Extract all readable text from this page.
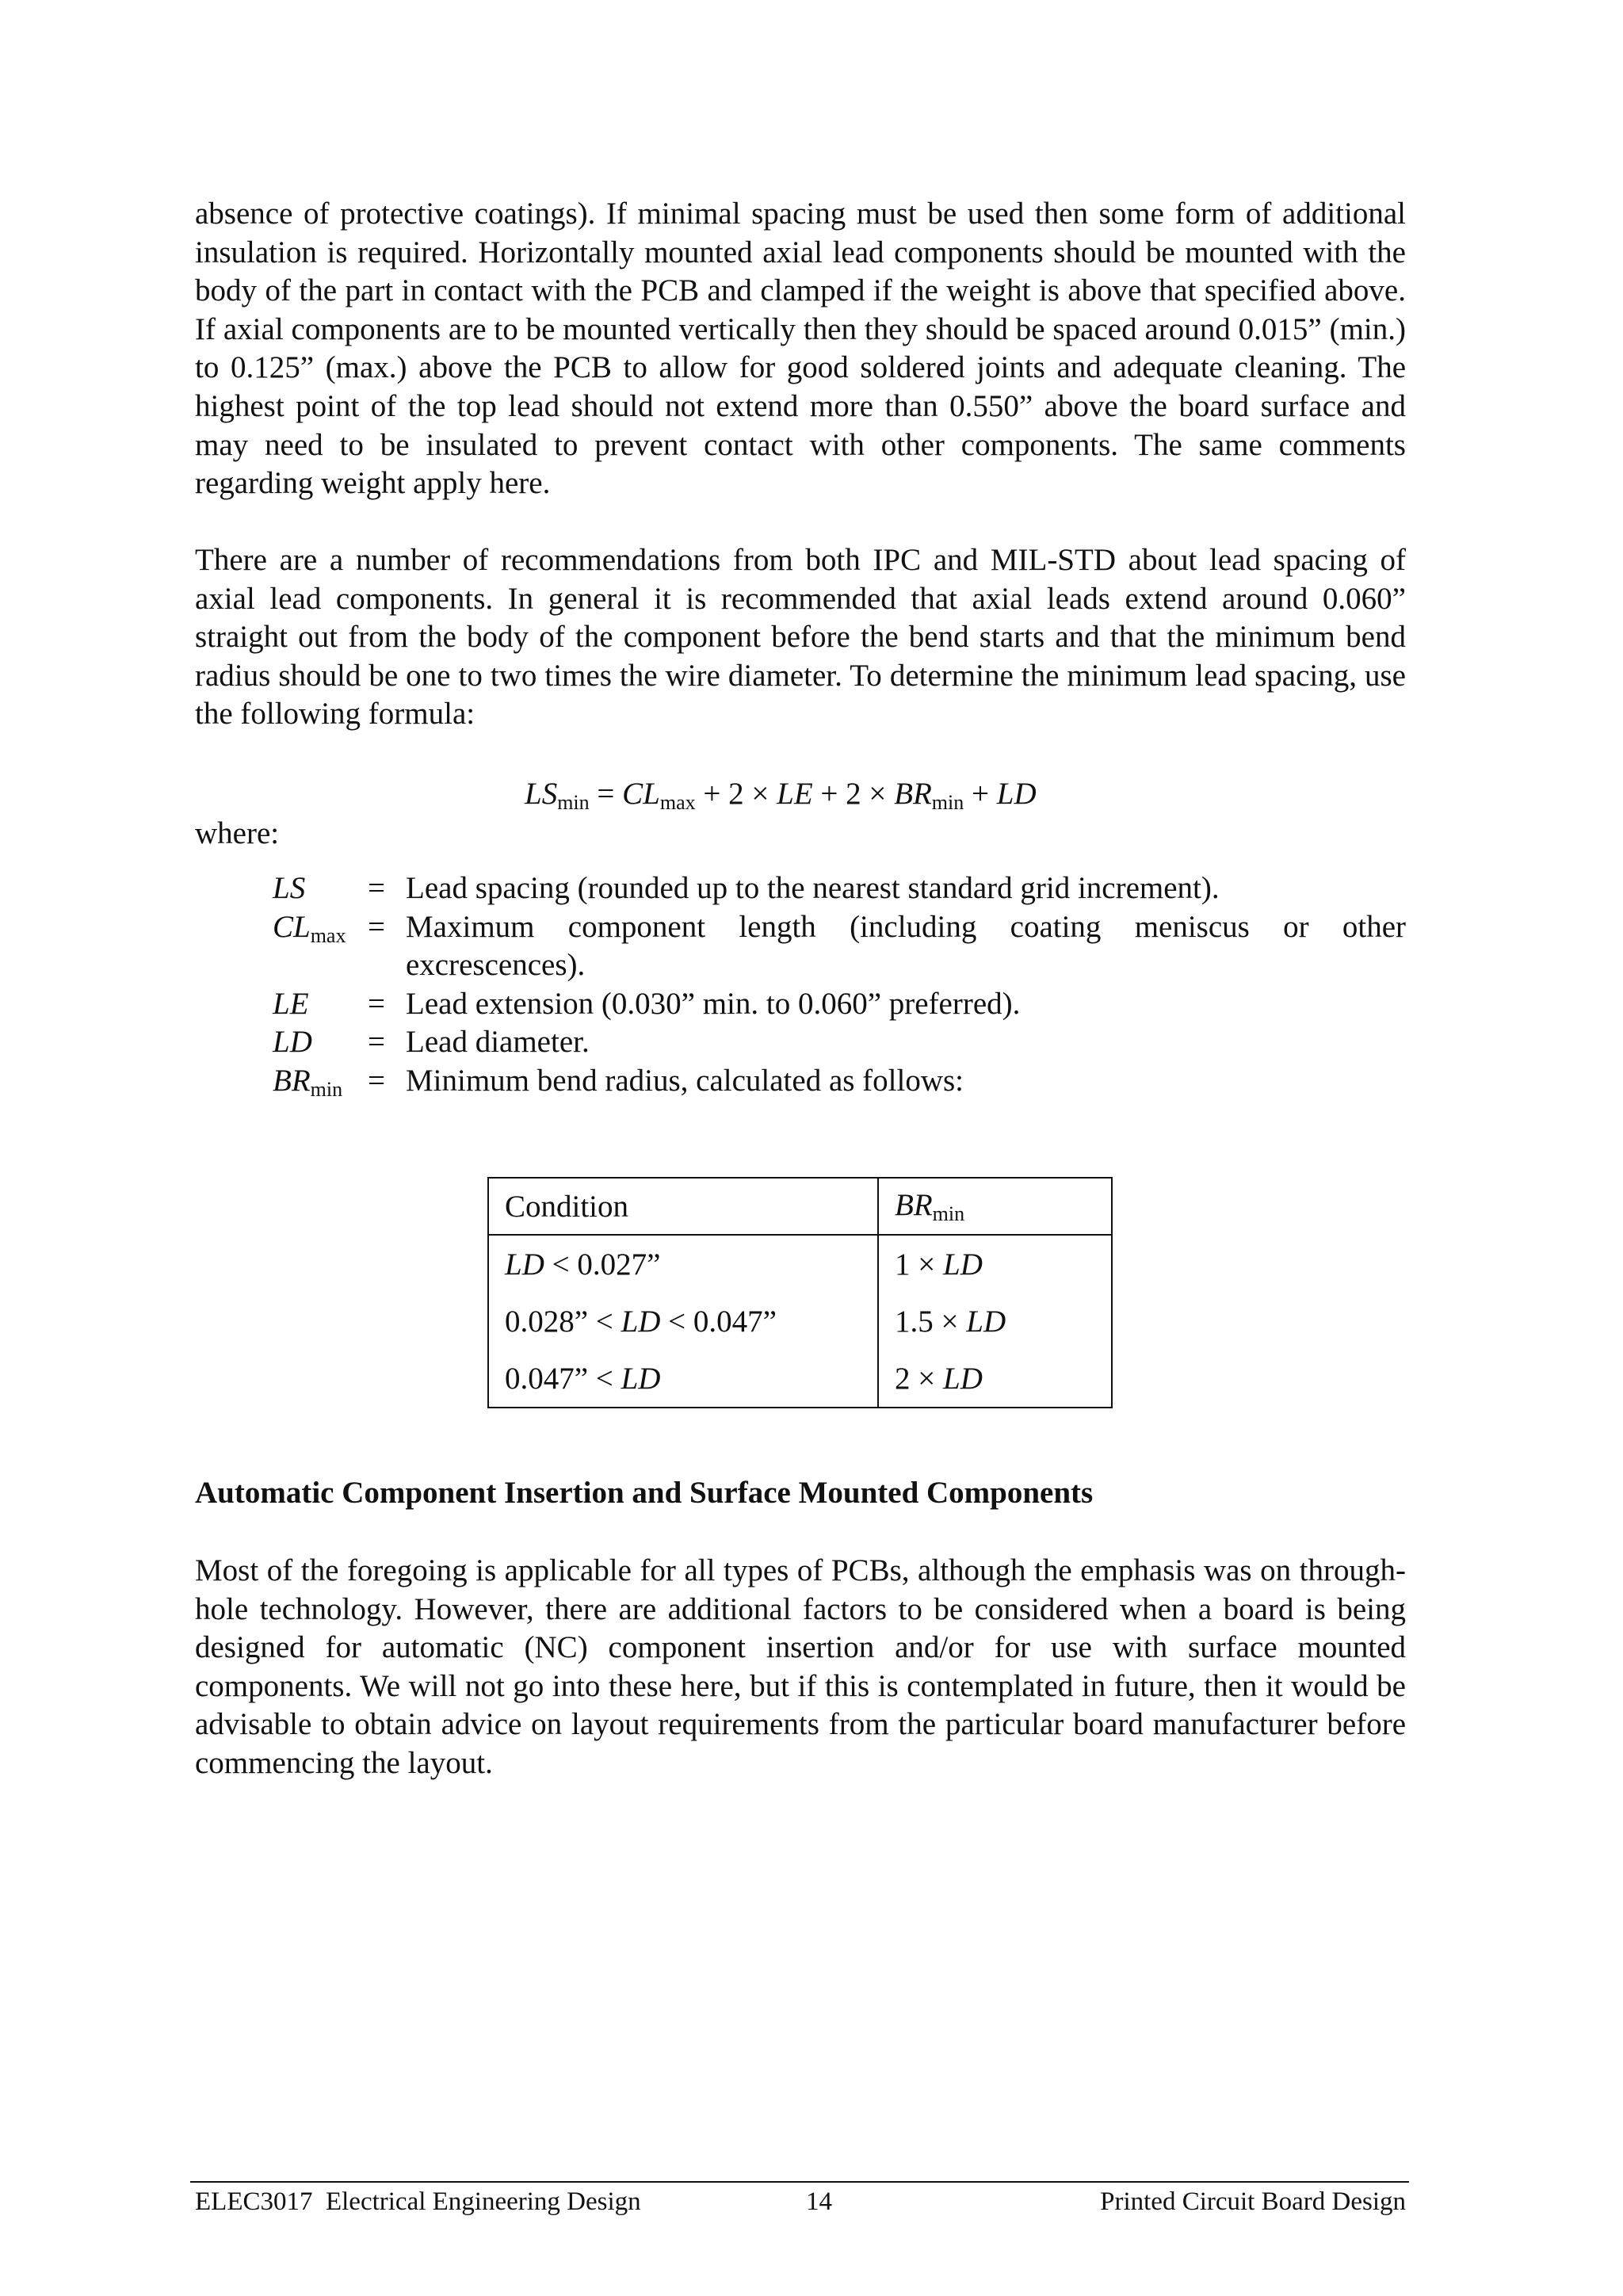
absence of protective coatings). If minimal spacing must be used then some form of additional insulation is required. Horizontally mounted axial lead components should be mounted with the body of the part in contact with the PCB and clamped if the weight is above that specified above. If axial components are to be mounted vertically then they should be spaced around 0.015” (min.) to 0.125” (max.) above the PCB to allow for good soldered joints and adequate cleaning. The highest point of the top lead should not extend more than 0.550” above the board surface and may need to be insulated to prevent contact with other components. The same comments regarding weight apply here.

There are a number of recommendations from both IPC and MIL-STD about lead spacing of axial lead components. In general it is recommended that axial leads extend around 0.060” straight out from the body of the component before the bend starts and that the minimum bend radius should be one to two times the wire diameter. To determine the minimum lead spacing, use the following formula:

$LS_{min} = CL_{max} + 2$ × LE + $2 \times BR_{min}$ + LD
where:
LS	= Lead spacing (rounded up to the nearest standard grid increment).
$CL_{max}$ = Maximum component length (including coating meniscus or other excrescences).
LE	= Lead extension (0.030” min. to 0.060” preferred).
LD	= Lead diameter.
$BR_{min}$ = Minimum bend radius, calculated as follows:
Condition	$BR_{min}$
LD < 0.027”	1 × LD
0.028” < LD < 0.047”	1.5 × LD
0.047” < LD	2 × LD
Automatic Component Insertion and Surface Mounted Components

Most of the foregoing is applicable for all types of PCBs, although the emphasis was on through-hole technology. However, there are additional factors to be considered when a board is being designed for automatic (NC) component insertion and/or for use with surface mounted components. We will not go into these here, but if this is contemplated in future, then it would be advisable to obtain advice on layout requirements from the particular board manufacturer before commencing the layout.

ELEC3017  Electrical Engineering Design	14	Printed Circuit Board Design
